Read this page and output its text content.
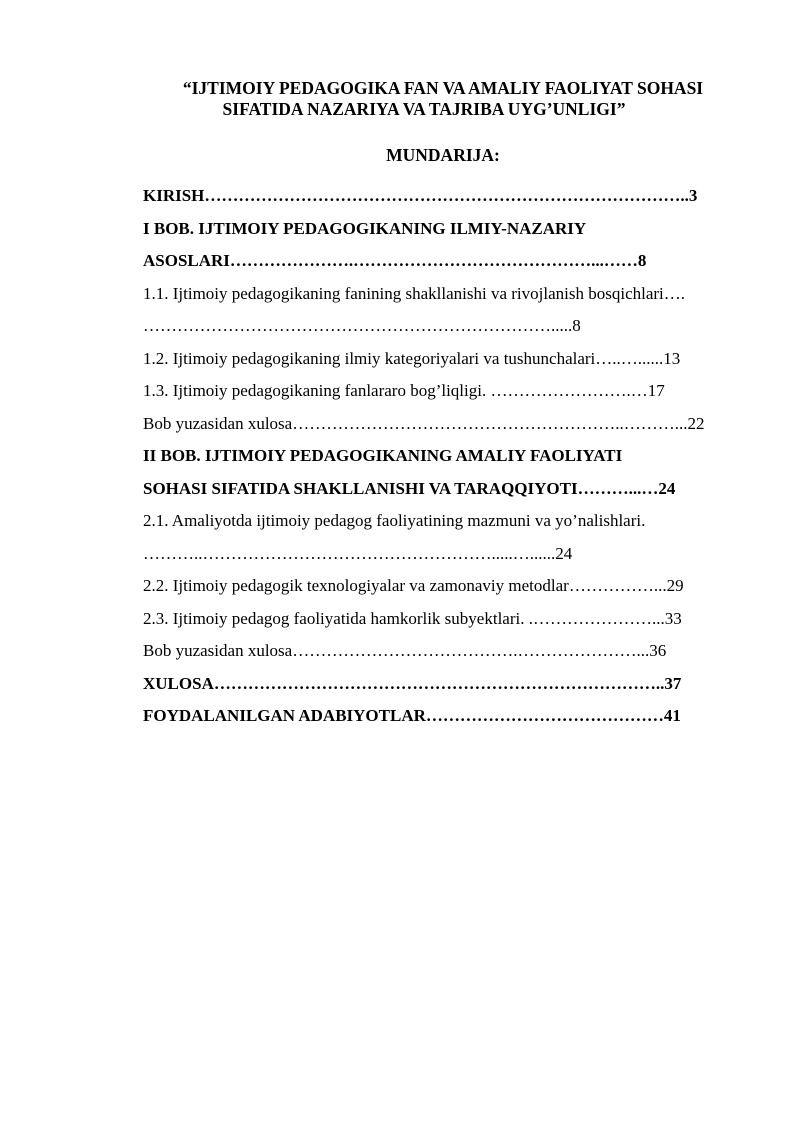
“IJTIMOIY PEDAGOGIKA FAN VA AMALIY FAOLIYAT SOHASI
SIFATIDA NAZARIYA VA TAJRIBA UYG’UNLIGI”
MUNDARIJA:
KIRISH…………………………………………………………………………..3
I BOB. IJTIMOIY PEDAGOGIKANING ILMIY-NAZARIY
ASOSLARI………………….……………………………………...……8
1.1. Ijtimoiy pedagogikaning fanining shakllanishi va rivojlanish bosqichlari….
……………………………………………………………….....8
1.2. Ijtimoiy pedagogikaning ilmiy kategoriyalari va tushunchalari…..…......13
1.3. Ijtimoiy pedagogikaning fanlararo bog’liqligi. …………………….…17
Bob yuzasidan xulosa…………………………………………………..………...22
II BOB. IJTIMOIY PEDAGOGIKANING AMALIY FAOLIYATI
SOHASI SIFATIDA SHAKLLANISHI VA TARAQQIYOTI………...…24
2.1. Amaliyotda ijtimoiy pedagog faoliyatining mazmuni va yo’nalishlari.
………..…………………………………………….....…......24
2.2. Ijtimoiy pedagogik texnologiyalar va zamonaviy metodlar……………...29
2.3. Ijtimoiy pedagog faoliyatida hamkorlik subyektlari. .…………………...33
Bob yuzasidan xulosa………………………………….…………………...36
XULOSA……………………………………………………………………..37
FOYDALANILGAN ADABIYOTLAR……………………………………41
